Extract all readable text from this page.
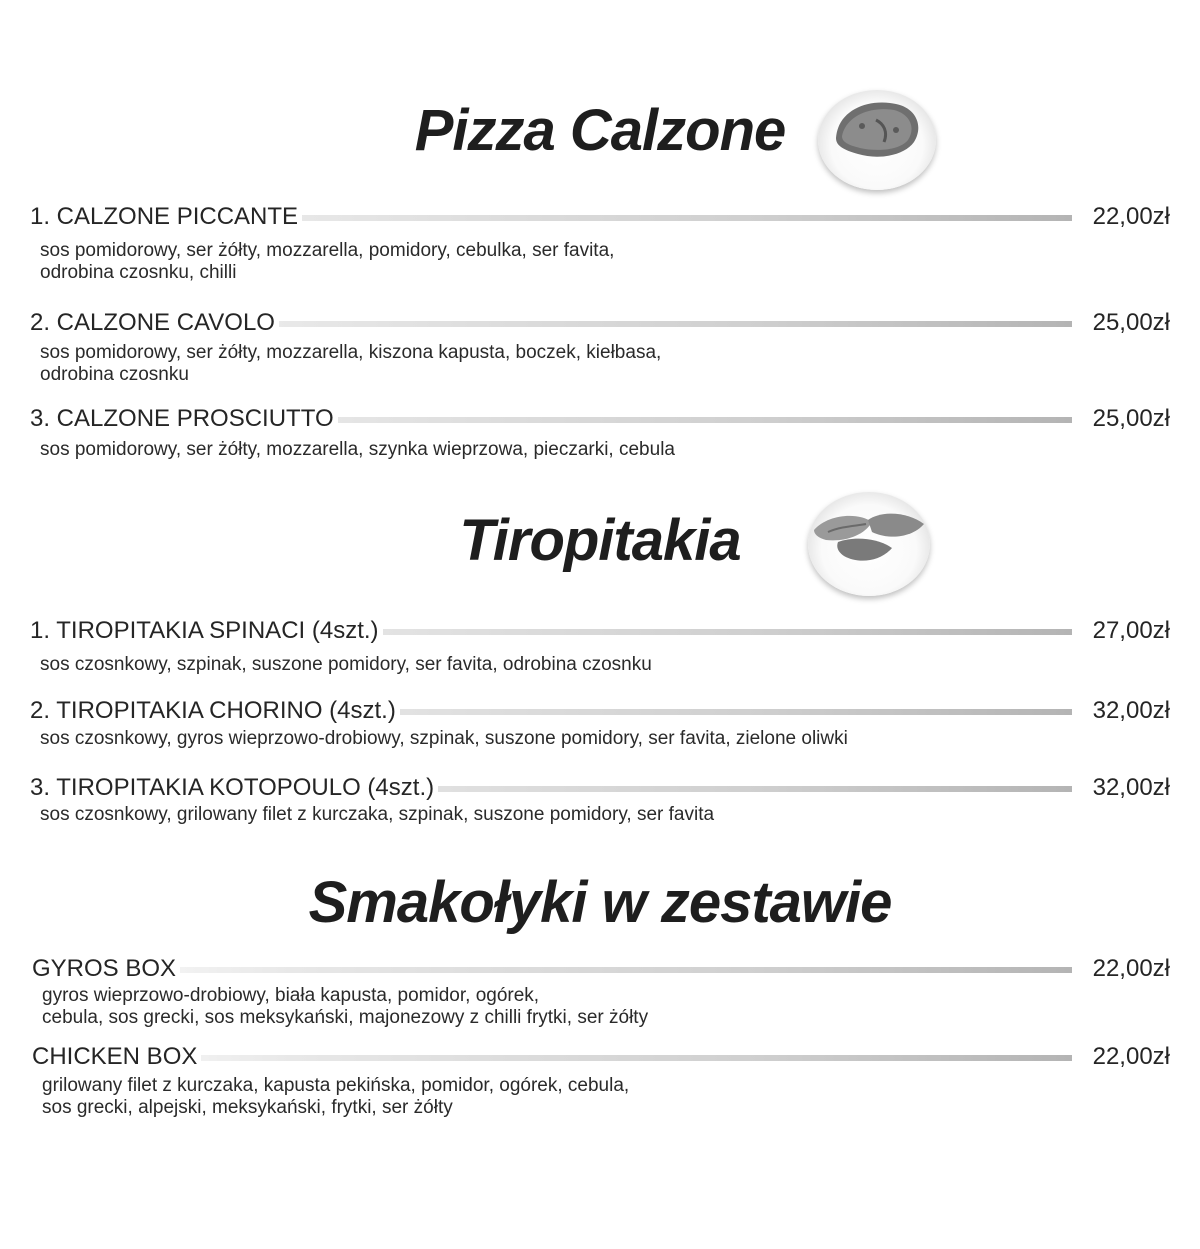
Pizza Calzone
1. CALZONE PICCANTE	22,00zł

sos pomidorowy, ser żółty, mozzarella, pomidory, cebulka, ser favita,
odrobina czosnku, chilli

2. CALZONE CAVOLO	25,00zł

sos pomidorowy, ser żółty, mozzarella, kiszona kapusta, boczek, kiełbasa,
odrobina czosnku

3. CALZONE PROSCIUTTO	25,00zł

sos pomidorowy, ser żółty, mozzarella, szynka wieprzowa, pieczarki, cebula

Tiropitakia
1. TIROPITAKIA SPINACI (4szt.)	27,00zł

sos czosnkowy, szpinak, suszone pomidory, ser favita, odrobina czosnku

2. TIROPITAKIA CHORINO (4szt.)	32,00zł

sos czosnkowy, gyros wieprzowo-drobiowy, szpinak, suszone pomidory, ser favita, zielone oliwki

3. TIROPITAKIA KOTOPOULO (4szt.)	32,00zł

sos czosnkowy, grilowany filet z kurczaka, szpinak, suszone pomidory, ser favita

Smakołyki w zestawie
GYROS BOX	22,00zł

gyros wieprzowo-drobiowy, biała kapusta, pomidor, ogórek,
cebula, sos grecki, sos meksykański, majonezowy z chilli frytki, ser żółty

CHICKEN BOX	22,00zł

grilowany filet z kurczaka, kapusta pekińska, pomidor, ogórek, cebula,
sos grecki, alpejski, meksykański, frytki, ser żółty
